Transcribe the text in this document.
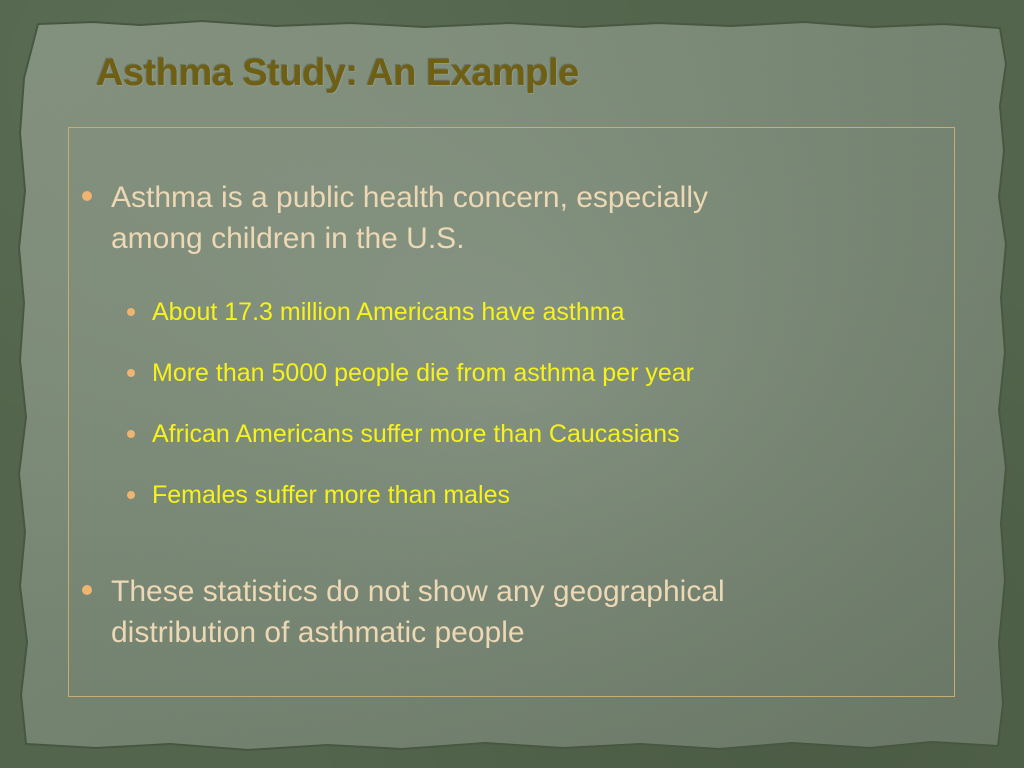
Asthma Study: An Example
Asthma is a public health concern, especially
among children in the U.S.
About 17.3 million Americans have asthma
More than 5000 people die from asthma per year
African Americans suffer more than Caucasians
Females suffer more than males
These statistics do not show any geographical
distribution of asthmatic people
